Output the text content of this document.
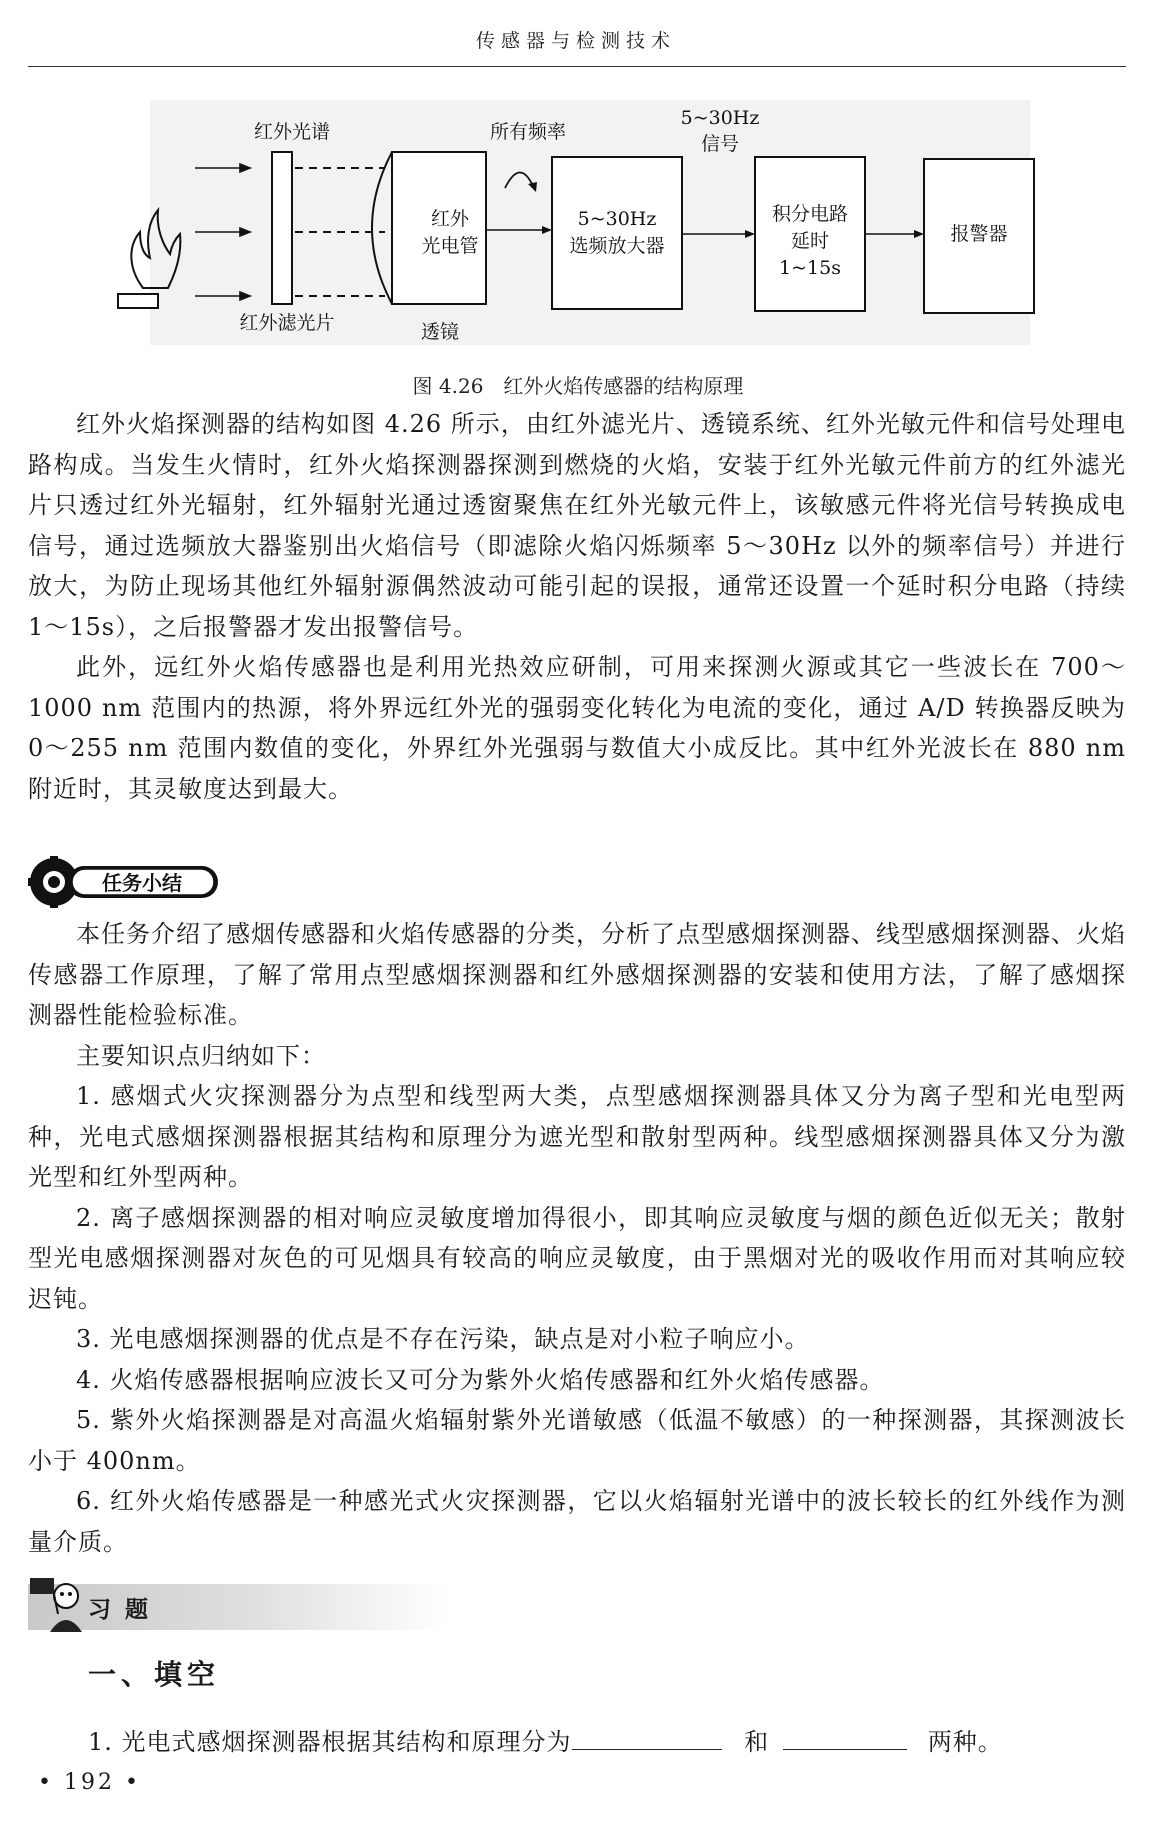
传感器与检测技术
红外光谱
红外滤光片
所有频率
透镜
5~30Hz
信号
红外
光电管
5~30Hz
选频放大器
积分电路
延时
1~15s
报警器
图 4.26　红外火焰传感器的结构原理

红外火焰探测器的结构如图 4.26 所示，由红外滤光片、透镜系统、红外光敏元件和信号处理电路构成。当发生火情时，红外火焰探测器探测到燃烧的火焰，安装于红外光敏元件前方的红外滤光片只透过红外光辐射，红外辐射光通过透窗聚焦在红外光敏元件上，该敏感元件将光信号转换成电信号，通过选频放大器鉴别出火焰信号（即滤除火焰闪烁频率 5～30Hz 以外的频率信号）并进行放大，为防止现场其他红外辐射源偶然波动可能引起的误报，通常还设置一个延时积分电路（持续 1～15s），之后报警器才发出报警信号。

此外，远红外火焰传感器也是利用光热效应研制，可用来探测火源或其它一些波长在 700～1000 nm 范围内的热源，将外界远红外光的强弱变化转化为电流的变化，通过 A/D 转换器反映为 0～255 nm 范围内数值的变化，外界红外光强弱与数值大小成反比。其中红外光波长在 880 nm 附近时，其灵敏度达到最大。

任务小结

本任务介绍了感烟传感器和火焰传感器的分类，分析了点型感烟探测器、线型感烟探测器、火焰传感器工作原理，了解了常用点型感烟探测器和红外感烟探测器的安装和使用方法，了解了感烟探测器性能检验标准。

主要知识点归纳如下：

1. 感烟式火灾探测器分为点型和线型两大类，点型感烟探测器具体又分为离子型和光电型两种，光电式感烟探测器根据其结构和原理分为遮光型和散射型两种。线型感烟探测器具体又分为激光型和红外型两种。

2. 离子感烟探测器的相对响应灵敏度增加得很小，即其响应灵敏度与烟的颜色近似无关；散射型光电感烟探测器对灰色的可见烟具有较高的响应灵敏度，由于黑烟对光的吸收作用而对其响应较迟钝。

3. 光电感烟探测器的优点是不存在污染，缺点是对小粒子响应小。

4. 火焰传感器根据响应波长又可分为紫外火焰传感器和红外火焰传感器。

5. 紫外火焰探测器是对高温火焰辐射紫外光谱敏感（低温不敏感）的一种探测器，其探测波长小于 400nm。

6. 红外火焰传感器是一种感光式火灾探测器，它以火焰辐射光谱中的波长较长的红外线作为测量介质。

习题
一、填空
1. 光电式感烟探测器根据其结构和原理分为	和	两种。
• 192 •
